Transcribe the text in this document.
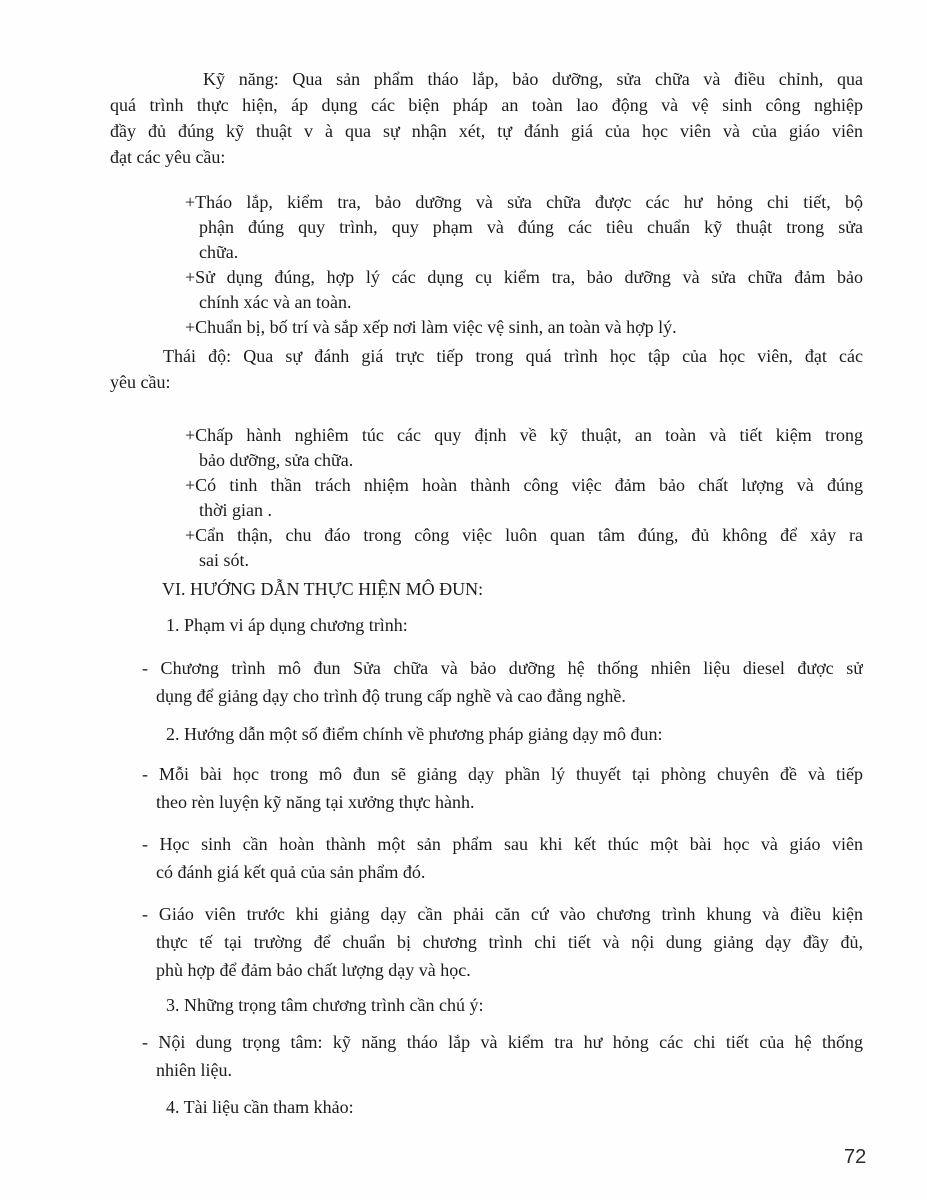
Kỹ năng: Qua sản phẩm tháo lắp, bảo dưỡng, sửa chữa và điều chỉnh, qua
quá trình thực hiện, áp dụng các biện pháp an toàn lao động và vệ sinh công nghiệp
đầy đủ đúng kỹ thuật v à qua sự nhận xét, tự đánh giá của học viên và của giáo viên
đạt các yêu cầu:
+Tháo lắp, kiểm tra, bảo dưỡng và sửa chữa được các hư hỏng chi tiết, bộ
phận đúng quy trình, quy phạm và đúng các tiêu chuẩn kỹ thuật trong sửa
chữa.
+Sử dụng đúng, hợp lý các dụng cụ kiểm tra, bảo dưỡng và sửa chữa đảm bảo
chính xác và an toàn.
+Chuẩn bị, bố trí và sắp xếp nơi làm việc vệ sinh, an toàn và hợp lý.
Thái độ: Qua sự đánh giá trực tiếp trong quá trình học tập của học viên, đạt các
yêu cầu:
+Chấp hành nghiêm túc các quy định về kỹ thuật, an toàn và tiết kiệm trong
bảo dưỡng, sửa chữa.
+Có tinh thần trách nhiệm hoàn thành công việc đảm bảo chất lượng và đúng
thời gian .
+Cẩn thận, chu đáo trong công việc luôn quan tâm đúng, đủ không để xảy ra
sai sót.
VI. HƯỚNG DẪN THỰC HIỆN MÔ ĐUN:
1. Phạm vi áp dụng chương trình:
- Chương trình mô đun Sửa chữa và bảo dưỡng hệ thống nhiên liệu diesel được sử
dụng để giảng dạy cho trình độ trung cấp nghề và cao đẳng nghề.
2. Hướng dẫn một số điểm chính về phương pháp giảng dạy mô đun:
- Mỗi bài học trong mô đun sẽ giảng dạy phần lý thuyết tại phòng chuyên đề và tiếp
theo rèn luyện kỹ năng tại xưởng thực hành.
- Học sinh cần hoàn thành một sản phẩm sau khi kết thúc một bài học và giáo viên
có đánh giá kết quả của sản phẩm đó.
- Giáo viên trước khi giảng dạy cần phải căn cứ vào chương trình khung và điều kiện
thực tế tại trường để chuẩn bị chương trình chi tiết và nội dung giảng dạy đầy đủ,
phù hợp để đảm bảo chất lượng dạy và học.
3. Những trọng tâm chương trình cần chú ý:
- Nội dung trọng tâm: kỹ năng tháo lắp và kiểm tra hư hỏng các chi tiết của hệ thống
nhiên liệu.
4. Tài liệu cần tham khảo:
72
